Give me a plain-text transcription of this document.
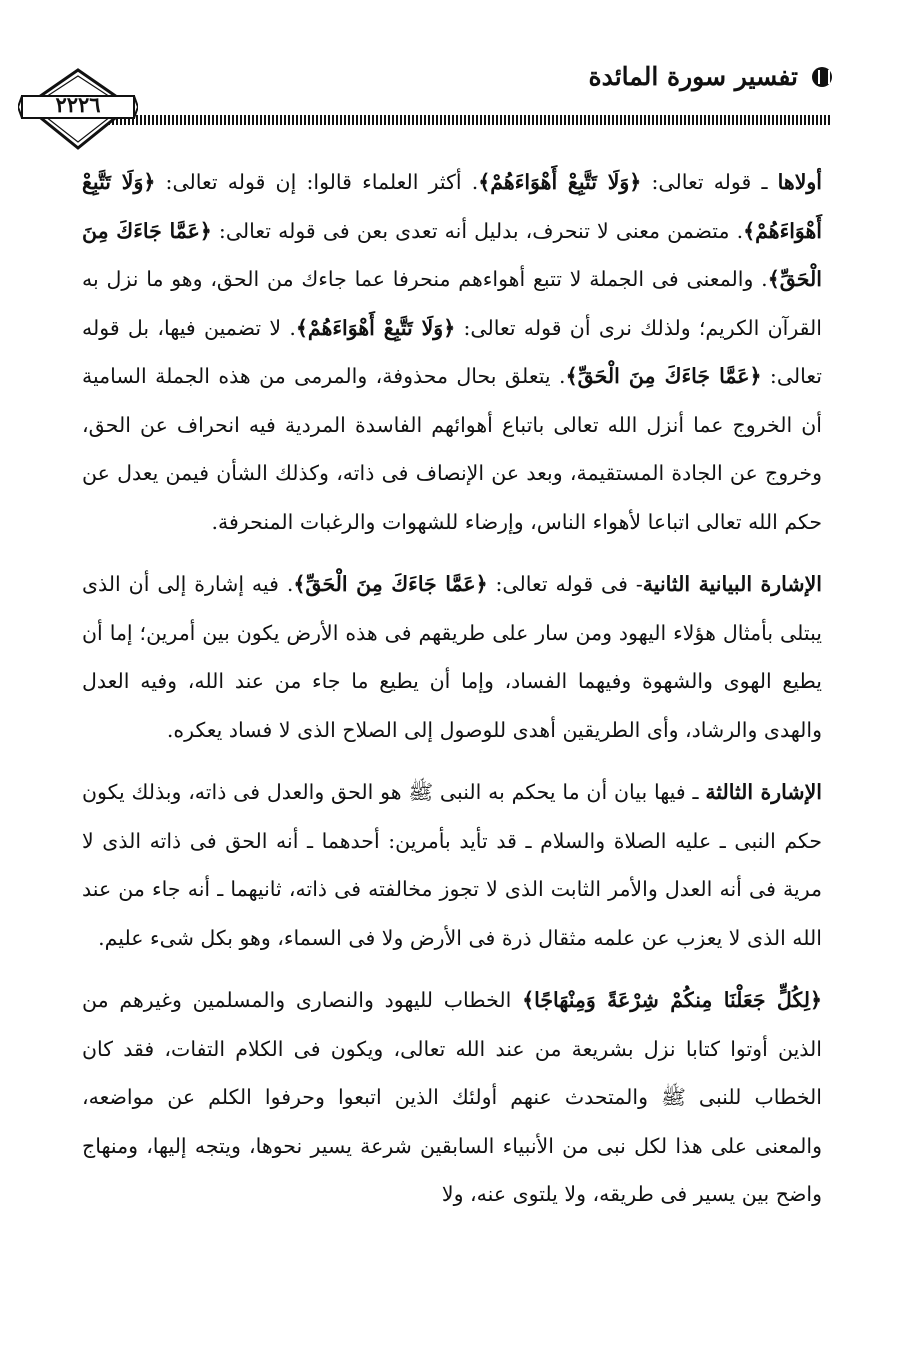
تفسير سورة المائدة
٢٢٢٦

أولاها ـ قوله تعالى: ﴿وَلَا تَتَّبِعْ أَهْوَاءَهُمْ﴾. أكثر العلماء قالوا: إن قوله تعالى: ﴿وَلَا تَتَّبِعْ أَهْوَاءَهُمْ﴾. متضمن معنى لا تنحرف، بدليل أنه تعدى بعن فى قوله تعالى: ﴿عَمَّا جَاءَكَ مِنَ الْحَقِّ﴾. والمعنى فى الجملة لا تتبع أهواءهم منحرفا عما جاءك من الحق، وهو ما نزل به القرآن الكريم؛ ولذلك نرى أن قوله تعالى: ﴿وَلَا تَتَّبِعْ أَهْوَاءَهُمْ﴾. لا تضمين فيها، بل قوله تعالى: ﴿عَمَّا جَاءَكَ مِنَ الْحَقِّ﴾. يتعلق بحال محذوفة، والمرمى من هذه الجملة السامية أن الخروج عما أنزل الله تعالى باتباع أهوائهم الفاسدة المردية فيه انحراف عن الحق، وخروج عن الجادة المستقيمة، وبعد عن الإنصاف فى ذاته، وكذلك الشأن فيمن يعدل عن حكم الله تعالى اتباعا لأهواء الناس، وإرضاء للشهوات والرغبات المنحرفة.

الإشارة البيانية الثانية- فى قوله تعالى: ﴿عَمَّا جَاءَكَ مِنَ الْحَقِّ﴾. فيه إشارة إلى أن الذى يبتلى بأمثال هؤلاء اليهود ومن سار على طريقهم فى هذه الأرض يكون بين أمرين؛ إما أن يطيع الهوى والشهوة وفيهما الفساد، وإما أن يطيع ما جاء من عند الله، وفيه العدل والهدى والرشاد، وأى الطريقين أهدى للوصول إلى الصلاح الذى لا فساد يعكره.

الإشارة الثالثة ـ فيها بيان أن ما يحكم به النبى ﷺ هو الحق والعدل فى ذاته، وبذلك يكون حكم النبى ـ عليه الصلاة والسلام ـ قد تأيد بأمرين: أحدهما ـ أنه الحق فى ذاته الذى لا مرية فى أنه العدل والأمر الثابت الذى لا تجوز مخالفته فى ذاته، ثانيهما ـ أنه جاء من عند الله الذى لا يعزب عن علمه مثقال ذرة فى الأرض ولا فى السماء، وهو بكل شىء عليم.

﴿لِكُلٍّ جَعَلْنَا مِنكُمْ شِرْعَةً وَمِنْهَاجًا﴾ الخطاب لليهود والنصارى والمسلمين وغيرهم من الذين أوتوا كتابا نزل بشريعة من عند الله تعالى، ويكون فى الكلام التفات، فقد كان الخطاب للنبى ﷺ والمتحدث عنهم أولئك الذين اتبعوا وحرفوا الكلم عن مواضعه، والمعنى على هذا لكل نبى من الأنبياء السابقين شرعة يسير نحوها، ويتجه إليها، ومنهاج واضح بين يسير فى طريقه، ولا يلتوى عنه، ولا
